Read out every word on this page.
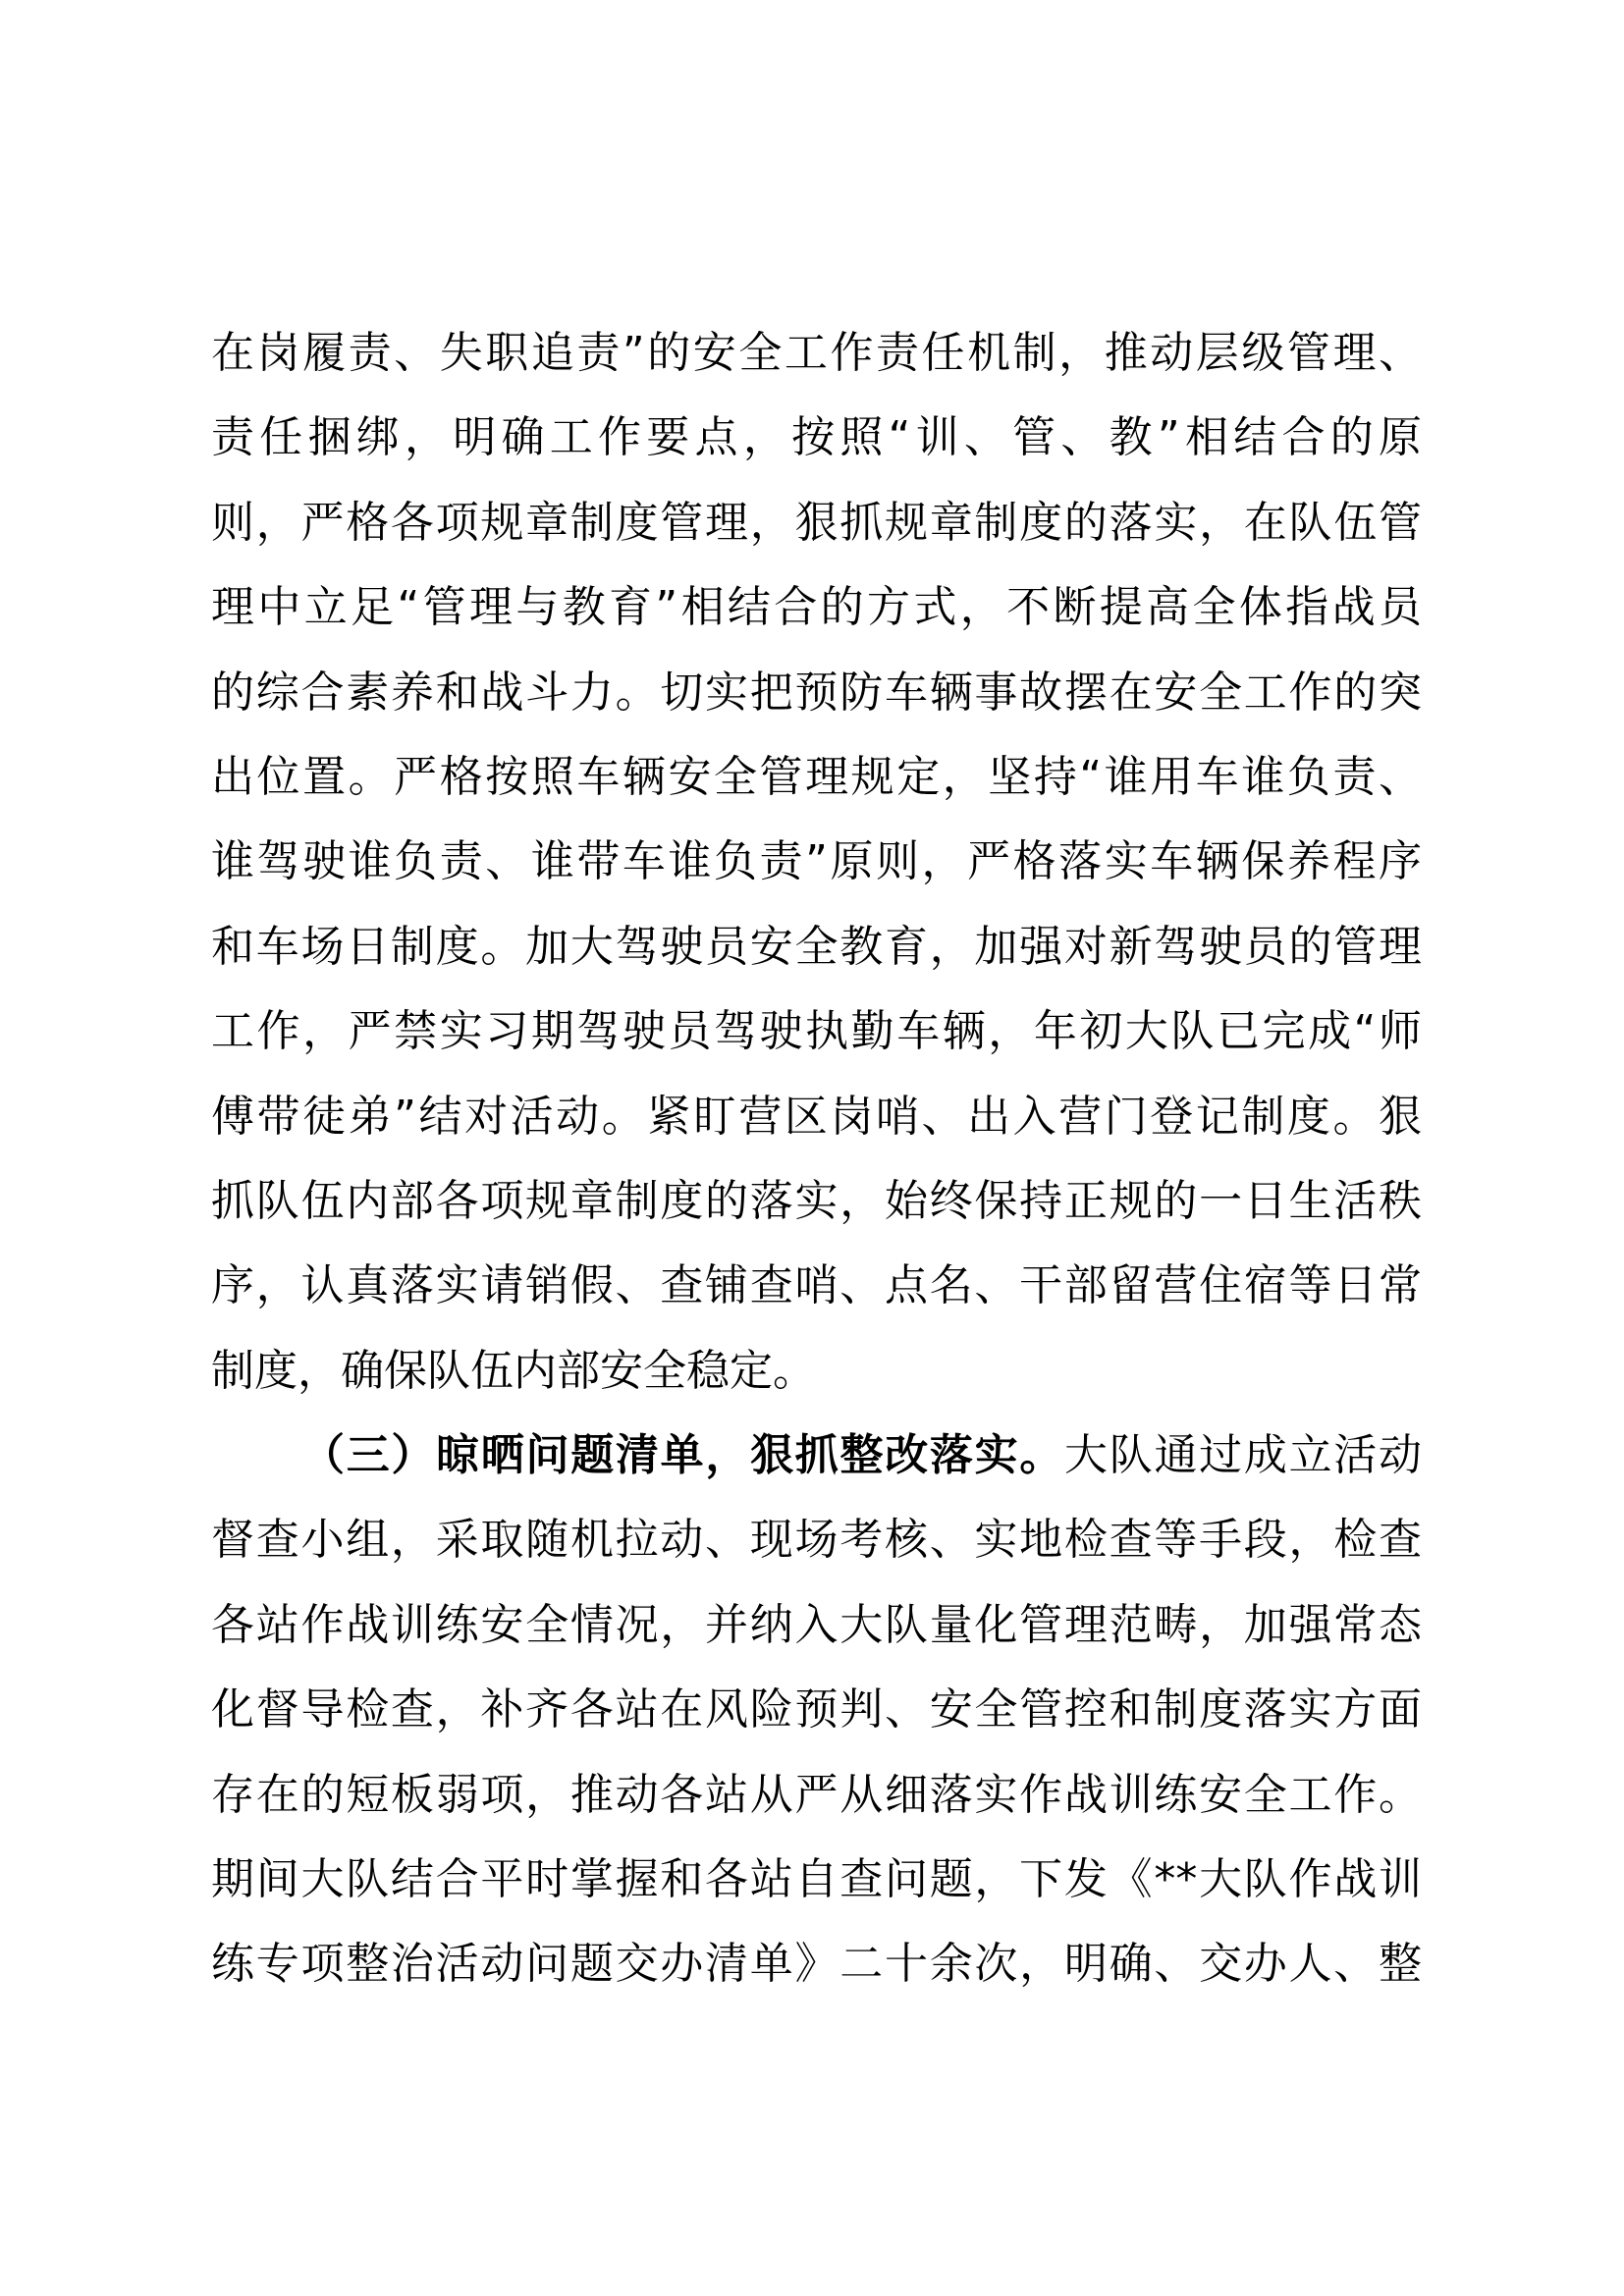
在岗履责、失职追责”的安全工作责任机制，推动层级管理、
责任捆绑，明确工作要点，按照“训、管、教”相结合的原
则，严格各项规章制度管理，狠抓规章制度的落实，在队伍管
理中立足“管理与教育”相结合的方式，不断提高全体指战员
的综合素养和战斗力。切实把预防车辆事故摆在安全工作的突
出位置。严格按照车辆安全管理规定，坚持“谁用车谁负责、
谁驾驶谁负责、谁带车谁负责”原则，严格落实车辆保养程序
和车场日制度。加大驾驶员安全教育，加强对新驾驶员的管理
工作，严禁实习期驾驶员驾驶执勤车辆，年初大队已完成“师
傅带徒弟”结对活动。紧盯营区岗哨、出入营门登记制度。狠
抓队伍内部各项规章制度的落实，始终保持正规的一日生活秩
序，认真落实请销假、查铺查哨、点名、干部留营住宿等日常
制度，确保队伍内部安全稳定。
（三）晾晒问题清单，狠抓整改落实。大队通过成立活动
督查小组，采取随机拉动、现场考核、实地检查等手段，检查
各站作战训练安全情况，并纳入大队量化管理范畴，加强常态
化督导检查，补齐各站在风险预判、安全管控和制度落实方面
存在的短板弱项，推动各站从严从细落实作战训练安全工作。
期间大队结合平时掌握和各站自查问题，下发《**大队作战训
练专项整治活动问题交办清单》二十余次，明确、交办人、整
